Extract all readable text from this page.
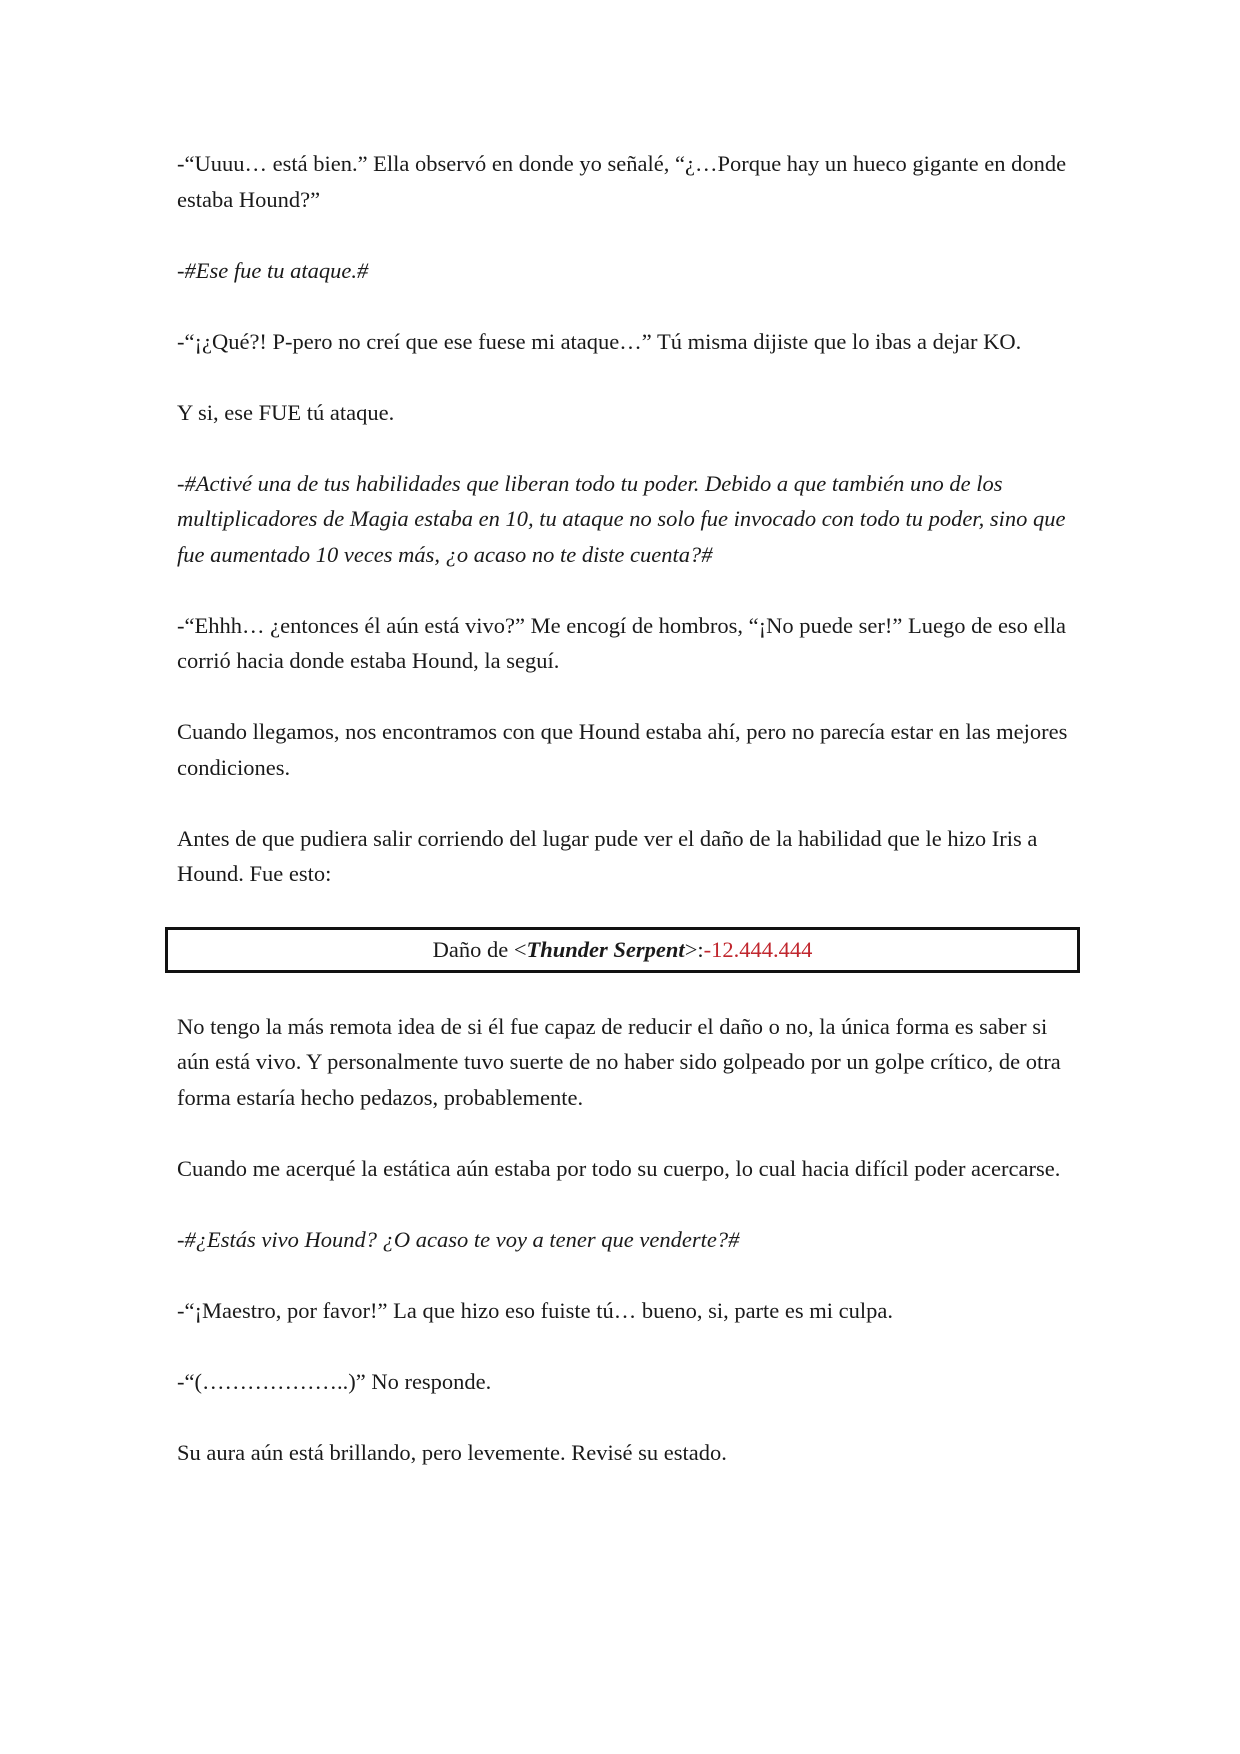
-“Uuuu… está bien.” Ella observó en donde yo señalé, “¿…Porque hay un hueco gigante en donde estaba Hound?”

-#Ese fue tu ataque.#

-“¡¿Qué?! P-pero no creí que ese fuese mi ataque…” Tú misma dijiste que lo ibas a dejar KO.

Y si, ese FUE tú ataque.

-#Activé una de tus habilidades que liberan todo tu poder. Debido a que también uno de los multiplicadores de Magia estaba en 10, tu ataque no solo fue invocado con todo tu poder, sino que fue aumentado 10 veces más, ¿o acaso no te diste cuenta?#

-“Ehhh… ¿entonces él aún está vivo?” Me encogí de hombros, “¡No puede ser!” Luego de eso ella corrió hacia donde estaba Hound, la seguí.

Cuando llegamos, nos encontramos con que Hound estaba ahí, pero no parecía estar en las mejores condiciones.

Antes de que pudiera salir corriendo del lugar pude ver el daño de la habilidad que le hizo Iris a Hound. Fue esto:

Daño de < Thunder Serpent >: -12.444.444

No tengo la más remota idea de si él fue capaz de reducir el daño o no, la única forma es saber si aún está vivo. Y personalmente tuvo suerte de no haber sido golpeado por un golpe crítico, de otra forma estaría hecho pedazos, probablemente.

Cuando me acerqué la estática aún estaba por todo su cuerpo, lo cual hacia difícil poder acercarse.

-#¿Estás vivo Hound? ¿O acaso te voy a tener que venderte?#

-“¡Maestro, por favor!” La que hizo eso fuiste tú… bueno, si, parte es mi culpa.

-“(………………..)” No responde.

Su aura aún está brillando, pero levemente. Revisé su estado.
